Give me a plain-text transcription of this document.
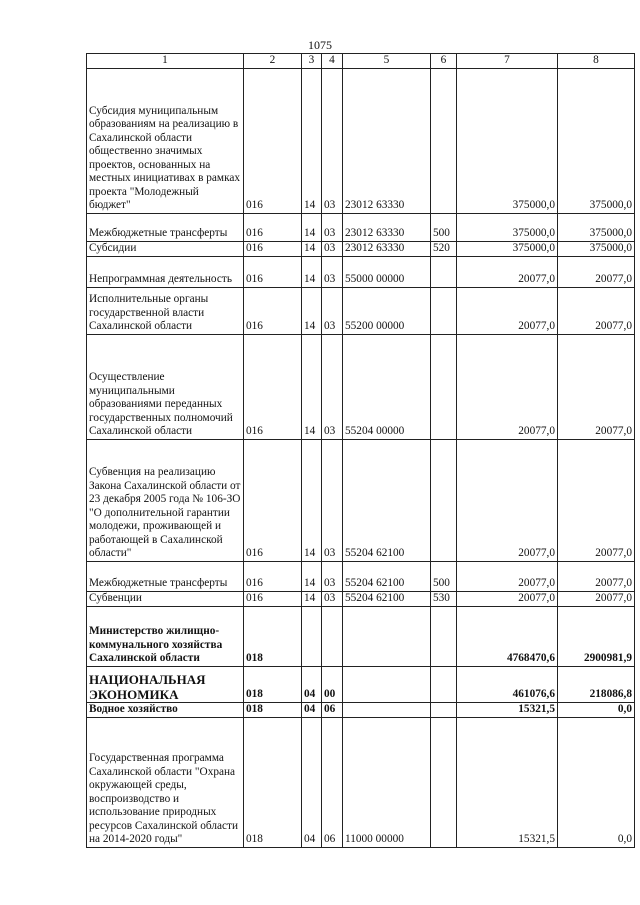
1075
1	2	3	4	5	6	7	8
Субсидия муниципальным образованиям на реализацию в Сахалинской области общественно значимых проектов, основанных на местных инициативах в рамках проекта "Молодежный бюджет"	016	14	03	23012 63330		375000,0	375000,0
Межбюджетные трансферты	016	14	03	23012 63330	500	375000,0	375000,0
Субсидии	016	14	03	23012 63330	520	375000,0	375000,0
Непрограммная деятельность	016	14	03	55000 00000		20077,0	20077,0
Исполнительные органы государственной власти Сахалинской области	016	14	03	55200 00000		20077,0	20077,0
Осуществление муниципальными образованиями переданных государственных полномочий Сахалинской области	016	14	03	55204 00000		20077,0	20077,0
Субвенция на реализацию Закона Сахалинской области от 23 декабря 2005 года № 106-ЗО "О дополнительной гарантии молодежи, проживающей и работающей в Сахалинской области"	016	14	03	55204 62100		20077,0	20077,0
Межбюджетные трансферты	016	14	03	55204 62100	500	20077,0	20077,0
Субвенции	016	14	03	55204 62100	530	20077,0	20077,0
Министерство жилищно-коммунального хозяйства Сахалинской области	018					4768470,6	2900981,9
НАЦИОНАЛЬНАЯ ЭКОНОМИКА	018	04	00			461076,6	218086,8
Водное хозяйство	018	04	06			15321,5	0,0
Государственная программа Сахалинской области "Охрана окружающей среды, воспроизводство и использование природных ресурсов Сахалинской области на 2014-2020 годы"	018	04	06	11000 00000		15321,5	0,0
